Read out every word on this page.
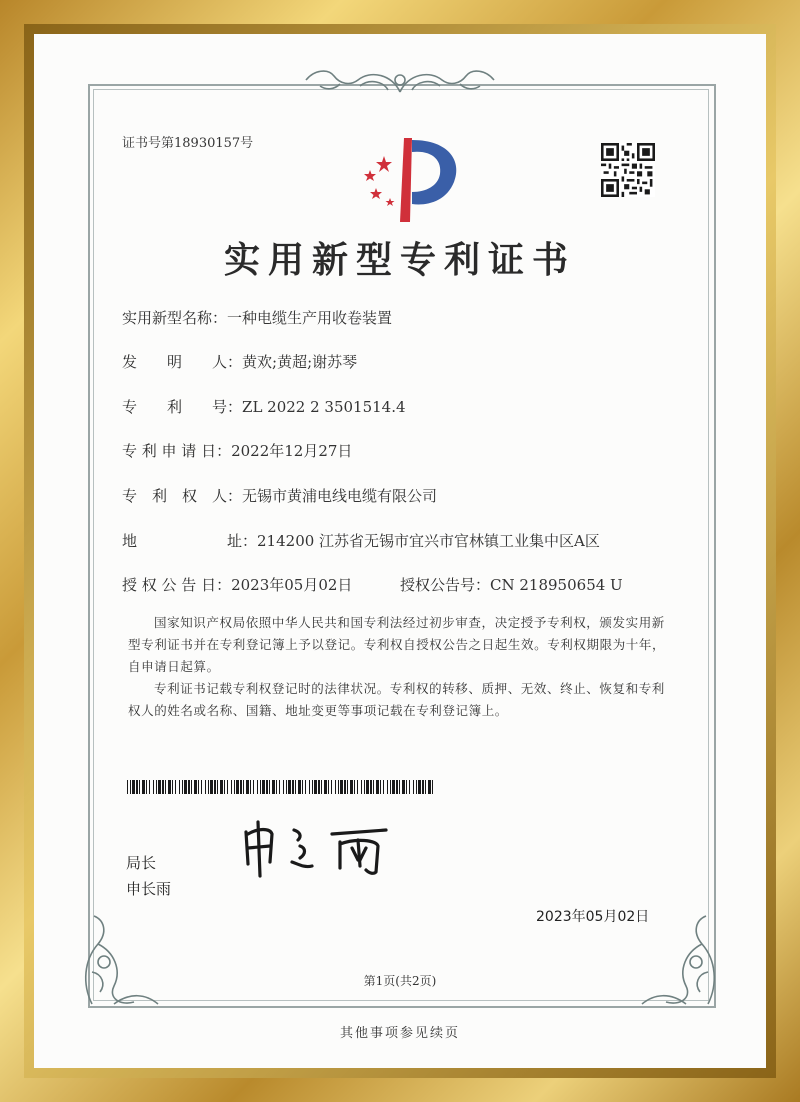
证书号第18930157号
实用新型专利证书
实用新型名称：一种电缆生产用收卷装置
发　　明　　人：黄欢;黄超;谢苏琴
专　　利　　号：ZL 2022 2 3501514.4
专 利 申 请 日：2022年12月27日
专　利　权　人：无锡市黄浦电线电缆有限公司
地　　　　　　址：214200 江苏省无锡市宜兴市官林镇工业集中区A区
授 权 公 告 日：2023年05月02日	授权公告号：CN 218950654 U
国家知识产权局依照中华人民共和国专利法经过初步审查，决定授予专利权，颁发实用新型专利证书并在专利登记簿上予以登记。专利权自授权公告之日起生效。专利权期限为十年，自申请日起算。
专利证书记载专利权登记时的法律状况。专利权的转移、质押、无效、终止、恢复和专利权人的姓名或名称、国籍、地址变更等事项记载在专利登记簿上。
局长
申长雨
2023年05月02日
第1页(共2页)
其他事项参见续页
